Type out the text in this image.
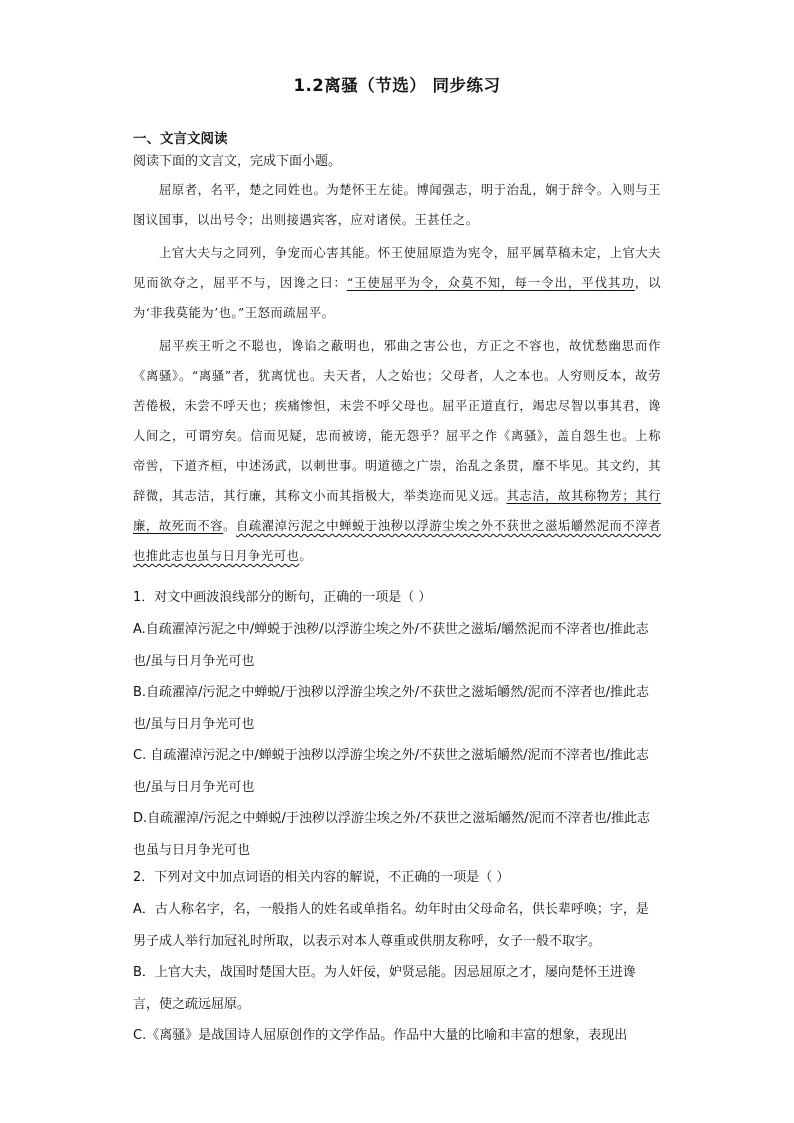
1.2离骚（节选） 同步练习
一、文言文阅读
阅读下面的文言文，完成下面小题。
屈原者，名平，楚之同姓也。为楚怀王左徒。博闻强志，明于治乱，娴于辞令。入则与王图议国事，以出号令；出则接遇宾客，应对诸侯。王甚任之。
上官大夫与之同列，争宠而心害其能。怀王使屈原造为宪令，屈平属草稿未定，上官大夫见而欲夺之，屈平不与，因谗之曰：“王使屈平为令，众莫不知，每一令出，平伐其功，以为‘非我莫能为’也。”王怒而疏屈平。
屈平疾王听之不聪也，谗谄之蔽明也，邪曲之害公也，方正之不容也，故忧愁幽思而作《离骚》。“离骚”者，犹离忧也。夫天者，人之始也；父母者，人之本也。人穷则反本，故劳苦倦极，未尝不呼天也；疾痛惨怛，未尝不呼父母也。屈平正道直行，竭忠尽智以事其君，谗人间之，可谓穷矣。信而见疑，忠而被谤，能无怨乎？屈平之作《离骚》，盖自怨生也。上称帝喾，下道齐桓，中述汤武，以刺世事。明道德之广崇，治乱之条贯，靡不毕见。其文约，其辞微，其志洁，其行廉，其称文小而其指极大，举类迩而见义远。其志洁，故其称物芳；其行廉，故死而不容。自疏濯淖污泥之中蝉蜕于浊秽以浮游尘埃之外不获世之滋垢皭然泥而不滓者也推此志也虽与日月争光可也。
1．对文中画波浪线部分的断句，正确的一项是（ ）
A.自疏濯淖污泥之中/蝉蜕于浊秽/以浮游尘埃之外/不获世之滋垢/皭然泥而不滓者也/推此志也/虽与日月争光可也
B.自疏濯淖/污泥之中蝉蜕/于浊秽以浮游尘埃之外/不获世之滋垢皭然/泥而不滓者也/推此志也/虽与日月争光可也
C. 自疏濯淖污泥之中/蝉蜕于浊秽以浮游尘埃之外/不获世之滋垢皭然/泥而不滓者也/推此志也/虽与日月争光可也
D.自疏濯淖/污泥之中蝉蜕/于浊秽以浮游尘埃之外/不获世之滋垢皭然/泥而不滓者也/推此志也虽与日月争光可也
2．下列对文中加点词语的相关内容的解说，不正确的一项是（ ）
A．古人称名字，名，一般指人的姓名或单指名。幼年时由父母命名，供长辈呼唤；字，是男子成人举行加冠礼时所取，以表示对本人尊重或供朋友称呼，女子一般不取字。
B．上官大夫，战国时楚国大臣。为人奸佞，妒贤忌能。因忌屈原之才，屡向楚怀王进谗言，使之疏远屈原。
C.《离骚》是战国诗人屈原创作的文学作品。作品中大量的比喻和丰富的想象，表现出
